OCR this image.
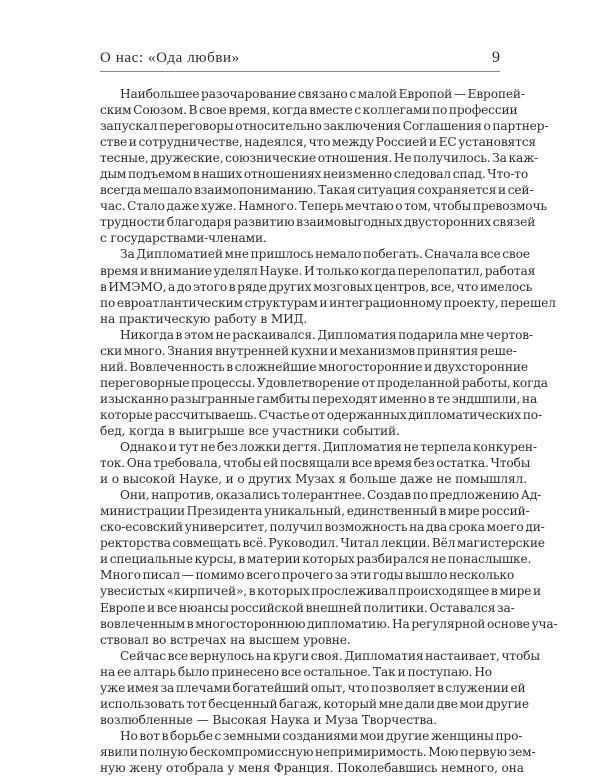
О нас: «Ода любви»	9
Наибольшее разочарование связано с малой Европой — Европей-
ским Союзом. В свое время, когда вместе с коллегами по профессии
запускал переговоры относительно заключения Соглашения о партнер-
стве и сотрудничестве, надеялся, что между Россией и ЕС установятся
тесные, дружеские, союзнические отношения. Не получилось. За каж-
дым подъемом в наших отношениях неизменно следовал спад. Что-то
всегда мешало взаимопониманию. Такая ситуация сохраняется и сей-
час. Стало даже хуже. Намного. Теперь мечтаю о том, чтобы превозмочь
трудности благодаря развитию взаимовыгодных двусторонних связей
с государствами-членами.
За Дипломатией мне пришлось немало побегать. Сначала все свое
время и внимание уделял Науке. И только когда перелопатил, работая
в ИМЭМО, а до этого в ряде других мозговых центров, все, что имелось
по евроатлантическим структурам и интеграционному проекту, перешел
на практическую работу в МИД.
Никогда в этом не раскаивался. Дипломатия подарила мне чертов-
ски много. Знания внутренней кухни и механизмов принятия реше-
ний. Вовлеченность в сложнейшие многосторонние и двухсторонние
переговорные процессы. Удовлетворение от проделанной работы, когда
изысканно разыгранные гамбиты переходят именно в те эндшпили, на
которые рассчитываешь. Счастье от одержанных дипломатических по-
бед, когда в выигрыше все участники событий.
Однако и тут не без ложки дегтя. Дипломатия не терпела конкурен-
ток. Она требовала, чтобы ей посвящали все время без остатка. Чтобы
и о высокой Науке, и о других Музах я больше даже не помышлял.
Они, напротив, оказались толерантнее. Создав по предложению Ад-
министрации Президента уникальный, единственный в мире россий-
ско-есовский университет, получил возможность на два срока моего ди-
ректорства совмещать всё. Руководил. Читал лекции. Вёл магистерские
и специальные курсы, в материи которых разбирался не понаслышке.
Много писал — помимо всего прочего за эти годы вышло несколько
увесистых «кирпичей», в которых прослеживал происходящее в мире и
Европе и все нюансы российской внешней политики. Оставался за-
вовлеченным в многостороннюю дипломатию. На регулярной основе уча-
ствовал во встречах на высшем уровне.
Сейчас все вернулось на круги своя. Дипломатия настаивает, чтобы
на ее алтарь было принесено все остальное. Так и поступаю. Но
уже имея за плечами богатейший опыт, что позволяет в служении ей
использовать тот бесценный багаж, который мне дали две мои другие
возлюбленные — Высокая Наука и Муза Творчества.
Но вот в борьбе с земными созданиями мои другие женщины про-
явили полную бескомпромиссную непримиримость. Мою первую зем-
ную жену отобрала у меня Франция. Поколебавшись немного, она
